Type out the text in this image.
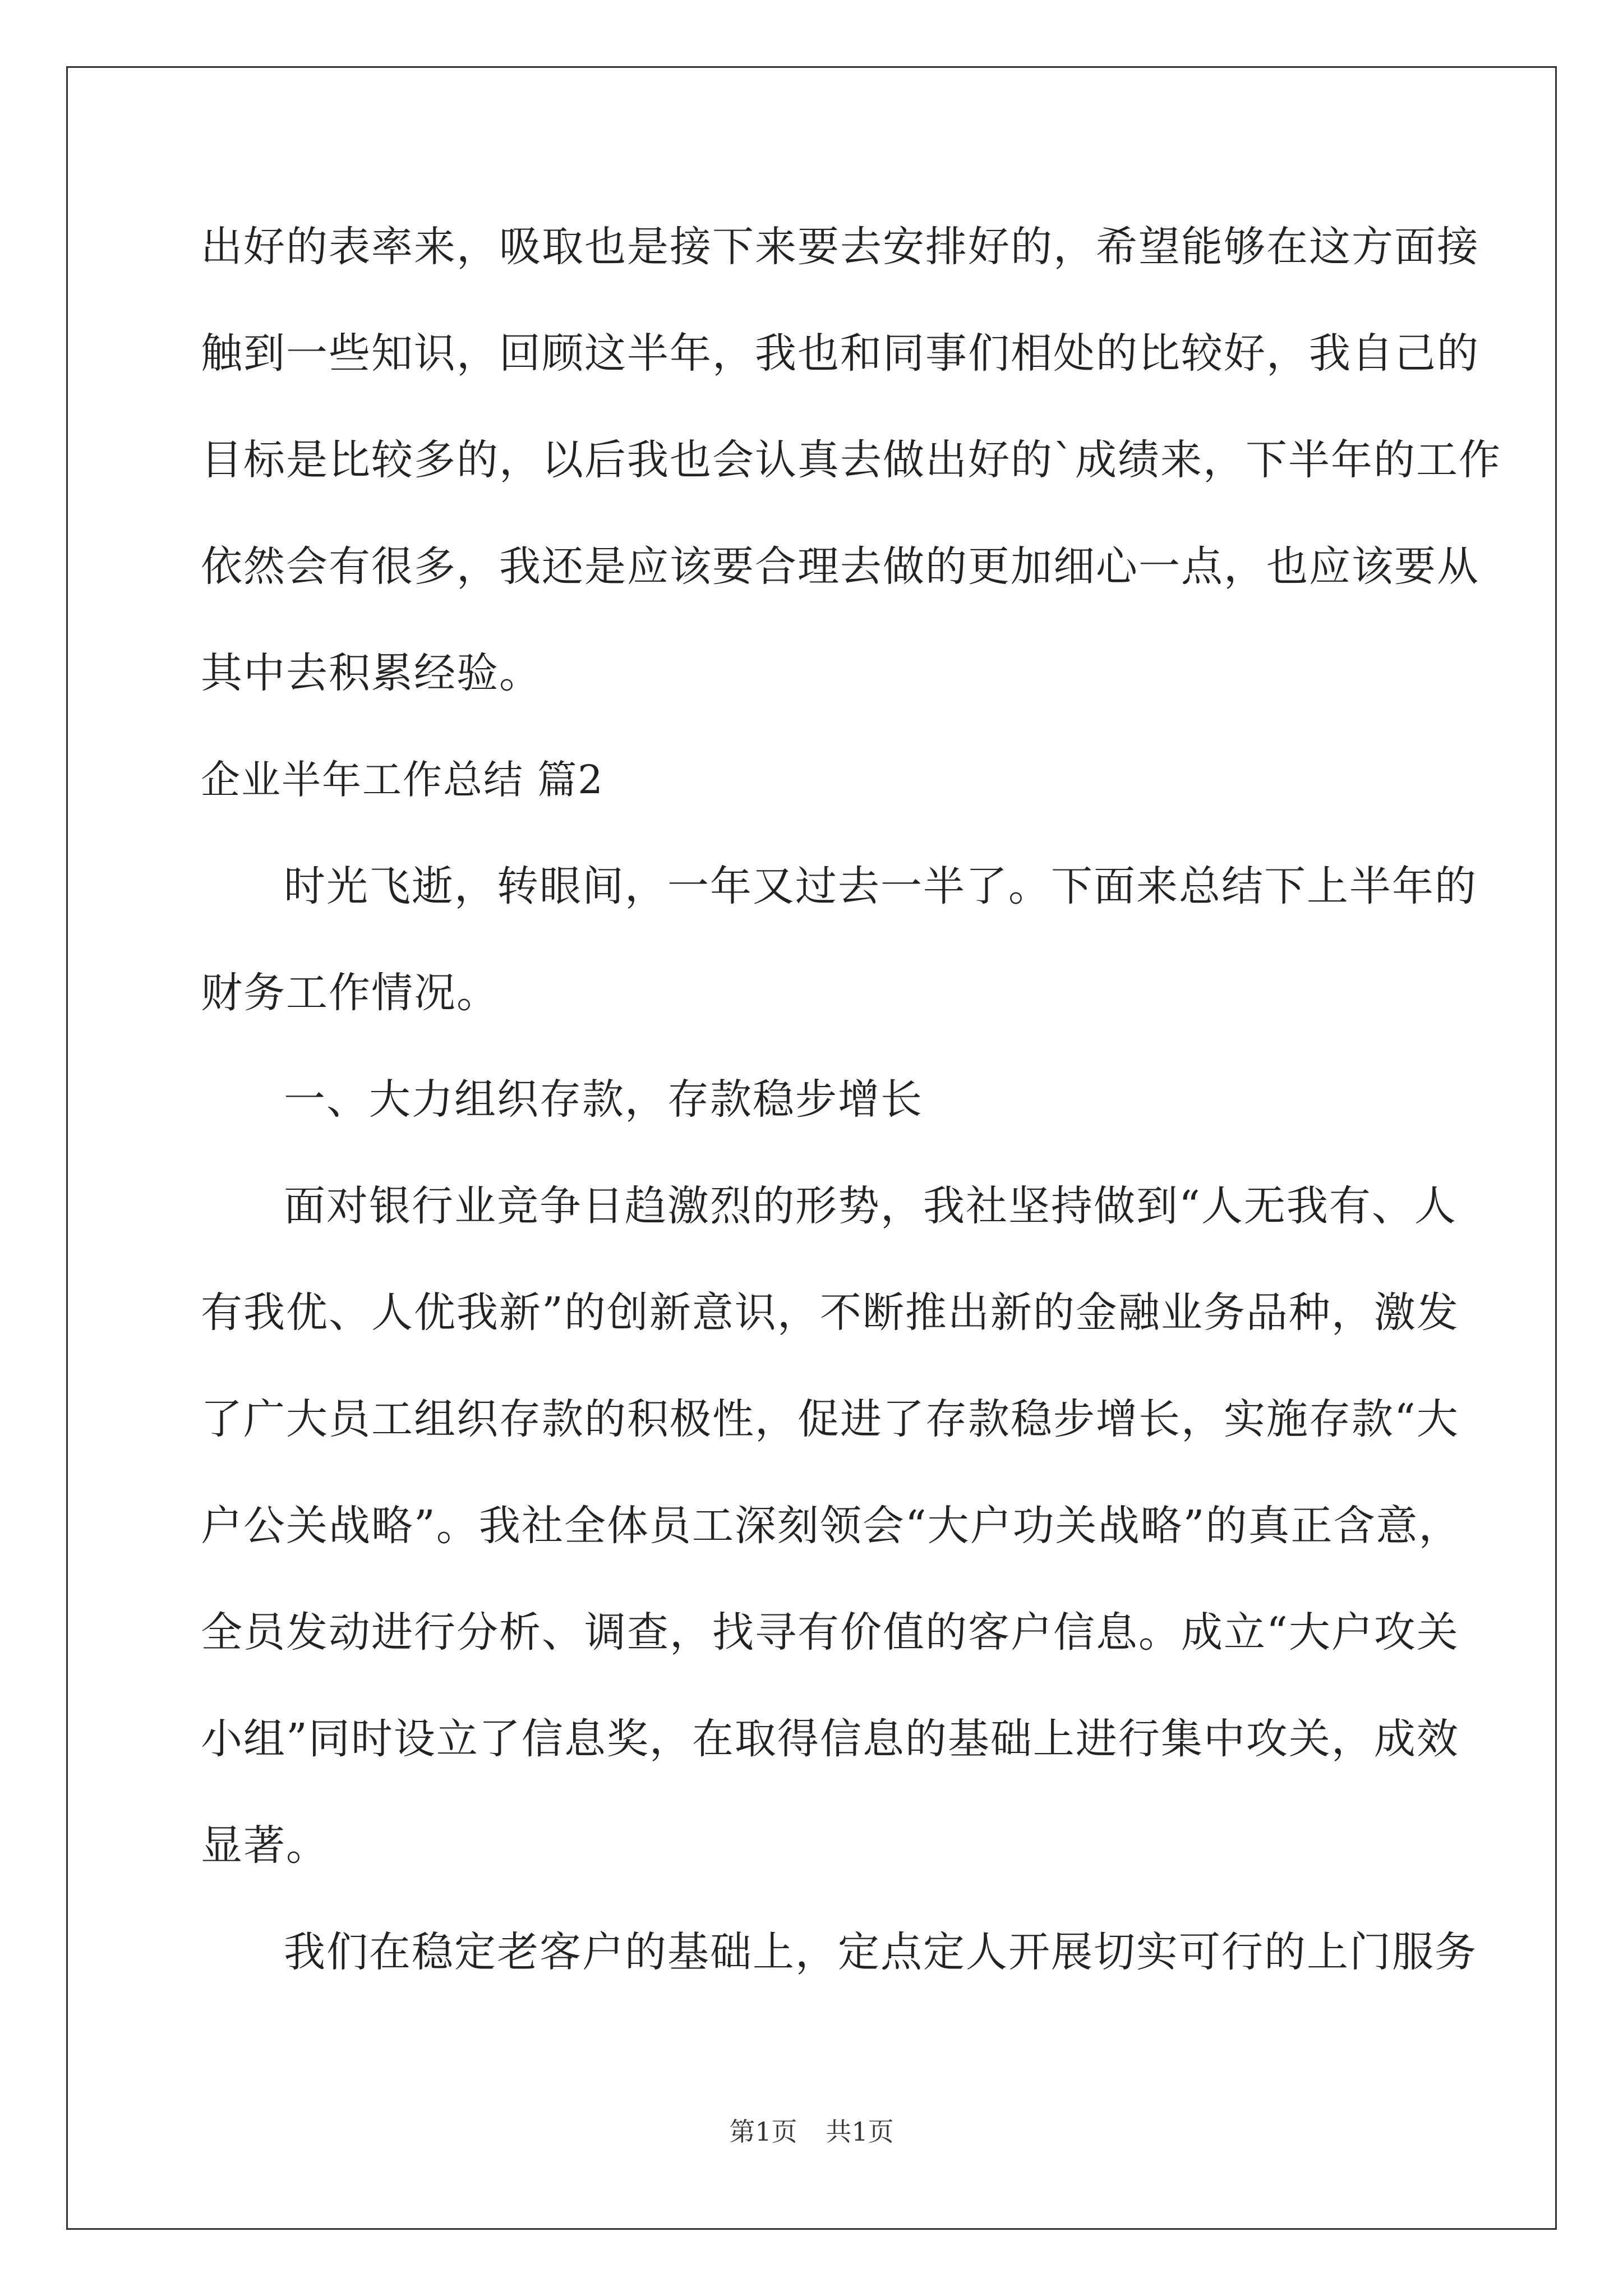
出好的表率来，吸取也是接下来要去安排好的，希望能够在这方面接
触到一些知识，回顾这半年，我也和同事们相处的比较好，我自己的
目标是比较多的，以后我也会认真去做出好的`成绩来，下半年的工作
依然会有很多，我还是应该要合理去做的更加细心一点，也应该要从
其中去积累经验。
企业半年工作总结 篇2
时光飞逝，转眼间，一年又过去一半了。下面来总结下上半年的
财务工作情况。
一、大力组织存款，存款稳步增长
面对银行业竞争日趋激烈的形势，我社坚持做到“人无我有、人
有我优、人优我新”的创新意识，不断推出新的金融业务品种，激发
了广大员工组织存款的积极性，促进了存款稳步增长，实施存款“大
户公关战略”。我社全体员工深刻领会“大户功关战略”的真正含意，
全员发动进行分析、调查，找寻有价值的客户信息。成立“大户攻关
小组”同时设立了信息奖，在取得信息的基础上进行集中攻关，成效
显著。
我们在稳定老客户的基础上，定点定人开展切实可行的上门服务
第1页 共1页
